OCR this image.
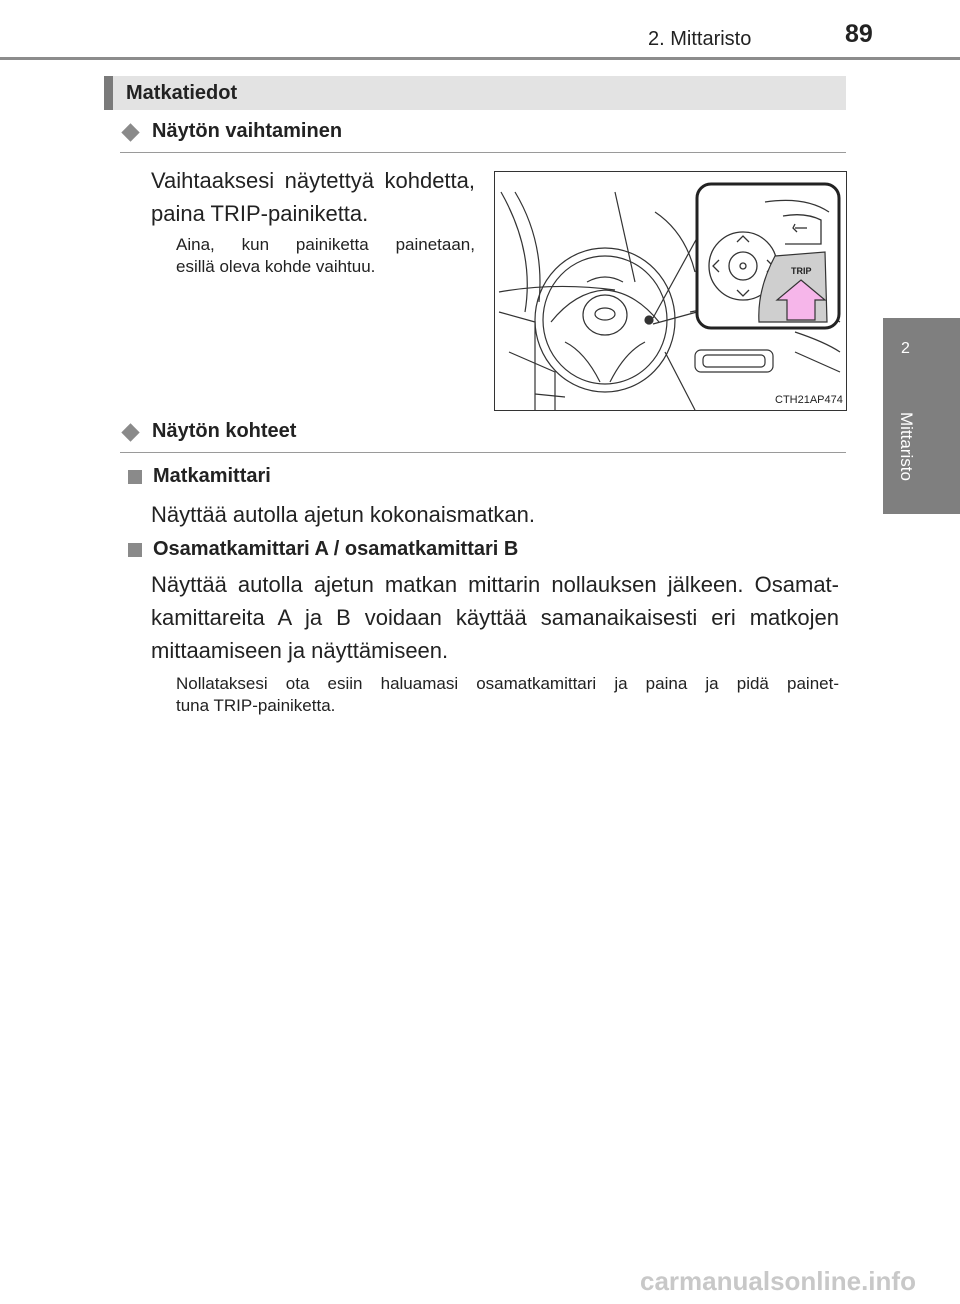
2. Mittaristo	89
2
Mittaristo
Matkatiedot
Näytön vaihtaminen
Vaihtaaksesi näytettyä kohdetta,
paina TRIP-painiketta.
Aina, kun painiketta painetaan,
esillä oleva kohde vaihtuu.	TRIP
CTH21AP474
Näytön kohteet
Matkamittari
Näyttää autolla ajetun kokonaismatkan.
Osamatkamittari A / osamatkamittari B
Näyttää autolla ajetun matkan mittarin nollauksen jälkeen. Osamat-
kamittareita A ja B voidaan käyttää samanaikaisesti eri matkojen
mittaamiseen ja näyttämiseen.
Nollataksesi ota esiin haluamasi osamatkamittari ja paina ja pidä painet-
tuna TRIP-painiketta.
carmanualsonline.info
